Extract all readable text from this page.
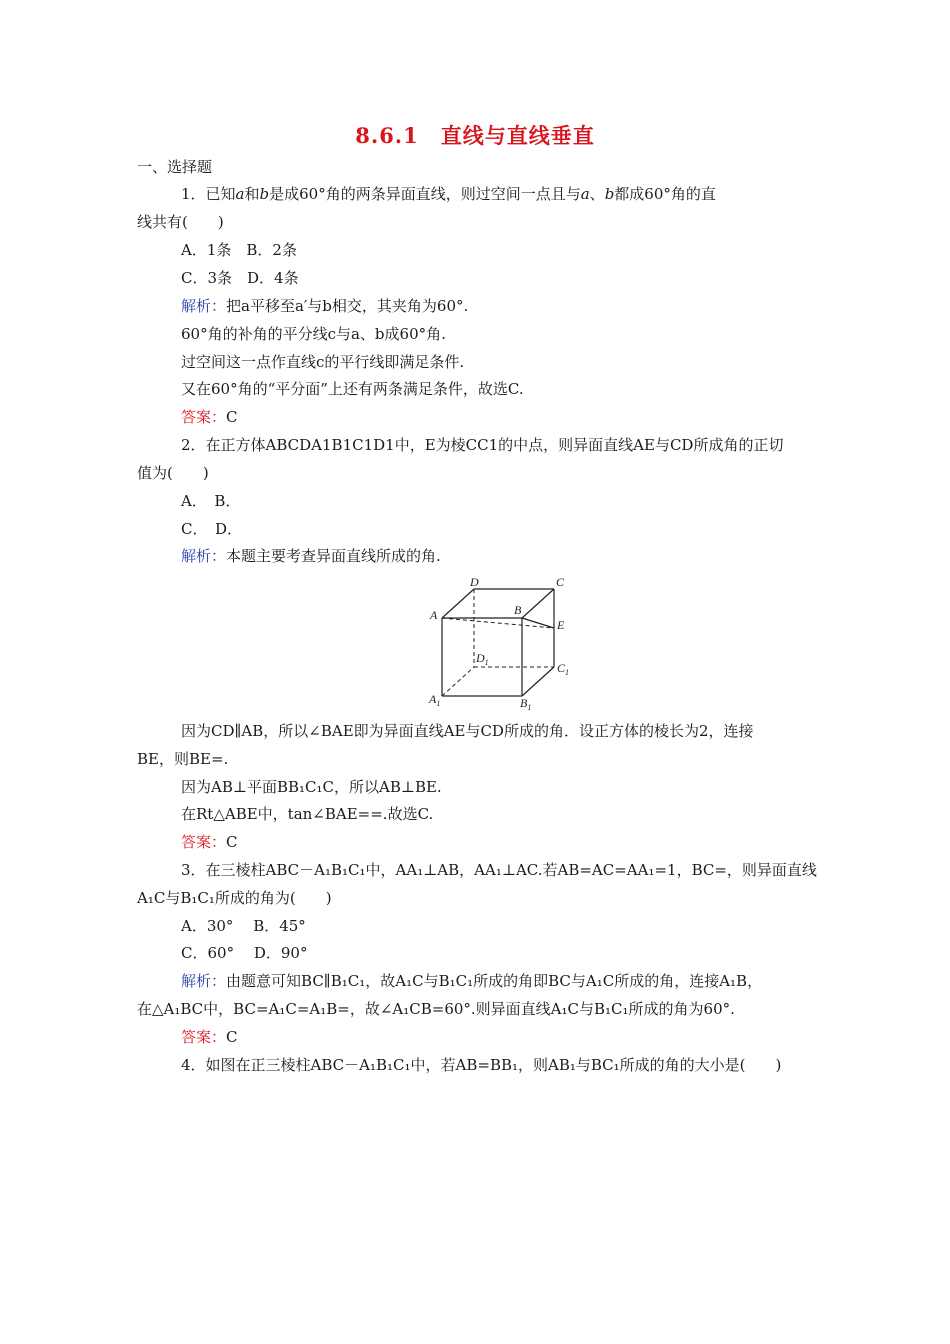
8.6.1　直线与直线垂直
一、选择题
1．已知a和b是成60°角的两条异面直线，则过空间一点且与a、b都成60°角的直
线共有(　　)
A．1条　B．2条
C．3条　D．4条
解析：把a平移至a′与b相交，其夹角为60°.
60°角的补角的平分线c与a、b成60°角.
过空间这一点作直线c的平行线即满足条件.
又在60°角的“平分面”上还有两条满足条件，故选C.
答案：C
2．在正方体ABCDA1B1C1D1中，E为棱CC1的中点，则异面直线AE与CD所成角的正切
值为(　　)
A．　B．
C．　D．
解析：本题主要考查异面直线所成的角.
D	C
A	B
E
$D_1$	$C_1$
$A_1$	$B_1$
因为CD∥AB，所以∠BAE即为异面直线AE与CD所成的角．设正方体的棱长为2，连接
BE，则BE=.
因为AB⊥平面BB₁C₁C，所以AB⊥BE.
在Rt△ABE中，tan∠BAE==.故选C.
答案：C
3．在三棱柱ABC－A₁B₁C₁中，AA₁⊥AB，AA₁⊥AC.若AB=AC=AA₁=1，BC=，则异面直线
A₁C与B₁C₁所成的角为(　　)
A．30°　 B．45°
C．60°　 D．90°
解析：由题意可知BC∥B₁C₁，故A₁C与B₁C₁所成的角即BC与A₁C所成的角，连接A₁B，
在△A₁BC中，BC=A₁C=A₁B=，故∠A₁CB=60°.则异面直线A₁C与B₁C₁所成的角为60°.
答案：C
4．如图在正三棱柱ABC－A₁B₁C₁中，若AB=BB₁，则AB₁与BC₁所成的角的大小是(　　)
